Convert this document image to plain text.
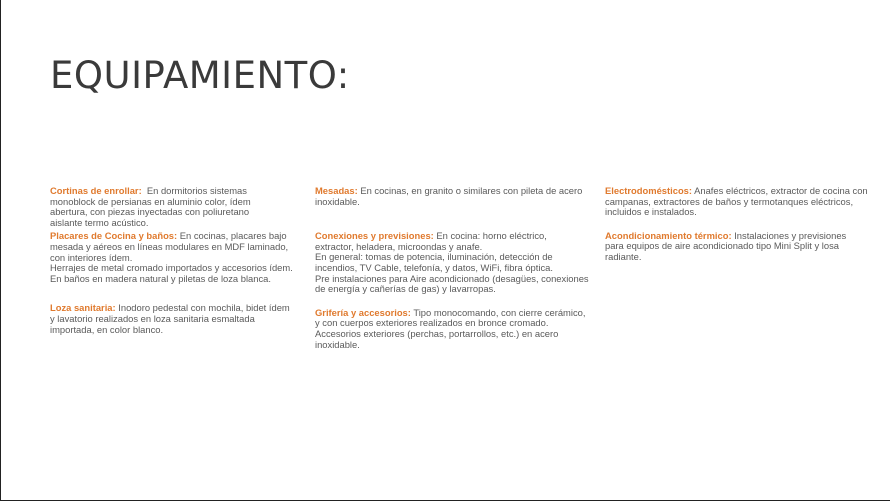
EQUIPAMIENTO:

Cortinas de enrollar:  En dormitorios sistemas
monoblock de persianas en aluminio color, ídem
abertura, con piezas inyectadas con poliuretano
aislante termo acústico.

Placares de Cocina y baños: En cocinas, placares bajo
mesada y aéreos en líneas modulares en MDF laminado,
con interiores ídem.
Herrajes de metal cromado importados y accesorios ídem.
En baños en madera natural y piletas de loza blanca.

Loza sanitaria: Inodoro pedestal con mochila, bidet ídem
y lavatorio realizados en loza sanitaria esmaltada
importada, en color blanco.

Mesadas: En cocinas, en granito o similares con pileta de acero
inoxidable.

Conexiones y previsiones: En cocina: horno eléctrico,
extractor, heladera, microondas y anafe.
En general: tomas de potencia, iluminación, detección de
incendios, TV Cable, telefonía, y datos, WiFi, fibra óptica.
Pre instalaciones para Aire acondicionado (desagües, conexiones
de energía y cañerías de gas) y lavarropas.

Grifería y accesorios: Tipo monocomando, con cierre cerámico,
y con cuerpos exteriores realizados en bronce cromado.
Accesorios exteriores (perchas, portarrollos, etc.) en acero
inoxidable.

Electrodomésticos: Anafes eléctricos, extractor de cocina con
campanas, extractores de baños y termotanques eléctricos,
incluidos e instalados.

Acondicionamiento térmico: Instalaciones y previsiones
para equipos de aire acondicionado tipo Mini Split y losa
radiante.
